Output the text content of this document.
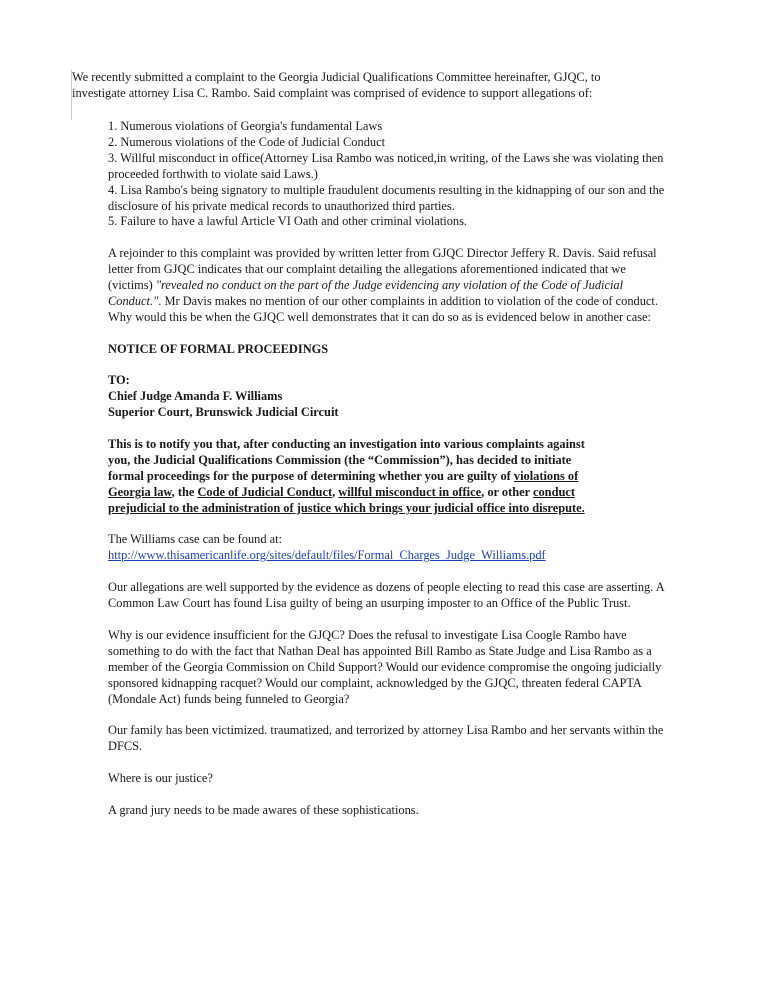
We recently submitted a complaint to the Georgia Judicial Qualifications Committee hereinafter, GJQC, to
investigate attorney Lisa C. Rambo. Said complaint was comprised of evidence to support allegations of:
1. Numerous violations of Georgia's fundamental Laws
2. Numerous violations of the Code of Judicial Conduct
3. Willful misconduct in office(Attorney Lisa Rambo was noticed,in writing, of the Laws she was violating then proceeded forthwith to violate said Laws.)
4. Lisa Rambo's being signatory to multiple fraudulent documents resulting in the kidnapping of our son and the disclosure of his private medical records to unauthorized third parties.
5. Failure to have a lawful Article VI Oath and other criminal violations.

A rejoinder to this complaint was provided by written letter from GJQC Director Jeffery R. Davis. Said refusal letter from GJQC indicates that our complaint detailing the allegations aforementioned indicated that we (victims) "revealed no conduct on the part of the Judge evidencing any violation of the Code of Judicial Conduct.". Mr Davis makes no mention of our other complaints in addition to violation of the code of conduct. Why would this be when the GJQC well demonstrates that it can do so as is evidenced below in another case:

NOTICE OF FORMAL PROCEEDINGS

TO:

Chief Judge Amanda F. Williams

Superior Court, Brunswick Judicial Circuit

This is to notify you that, after conducting an investigation into various complaints against you, the Judicial Qualifications Commission (the “Commission”), has decided to initiate formal proceedings for the purpose of determining whether you are guilty of violations of Georgia law, the Code of Judicial Conduct, willful misconduct in office, or other conduct prejudicial to the administration of justice which brings your judicial office into disrepute.

The Williams case can be found at:

http://www.thisamericanlife.org/sites/default/files/Formal_Charges_Judge_Williams.pdf

Our allegations are well supported by the evidence as dozens of people electing to read this case are asserting. A Common Law Court has found Lisa guilty of being an usurping imposter to an Office of the Public Trust.

Why is our evidence insufficient for the GJQC? Does the refusal to investigate Lisa Coogle Rambo have something to do with the fact that Nathan Deal has appointed Bill Rambo as State Judge and Lisa Rambo as a member of the Georgia Commission on Child Support? Would our evidence compromise the ongoing judicially sponsored kidnapping racquet? Would our complaint, acknowledged by the GJQC, threaten federal CAPTA (Mondale Act) funds being funneled to Georgia?

Our family has been victimized. traumatized, and terrorized by attorney Lisa Rambo and her servants within the DFCS.

Where is our justice?

A grand jury needs to be made awares of these sophistications.
